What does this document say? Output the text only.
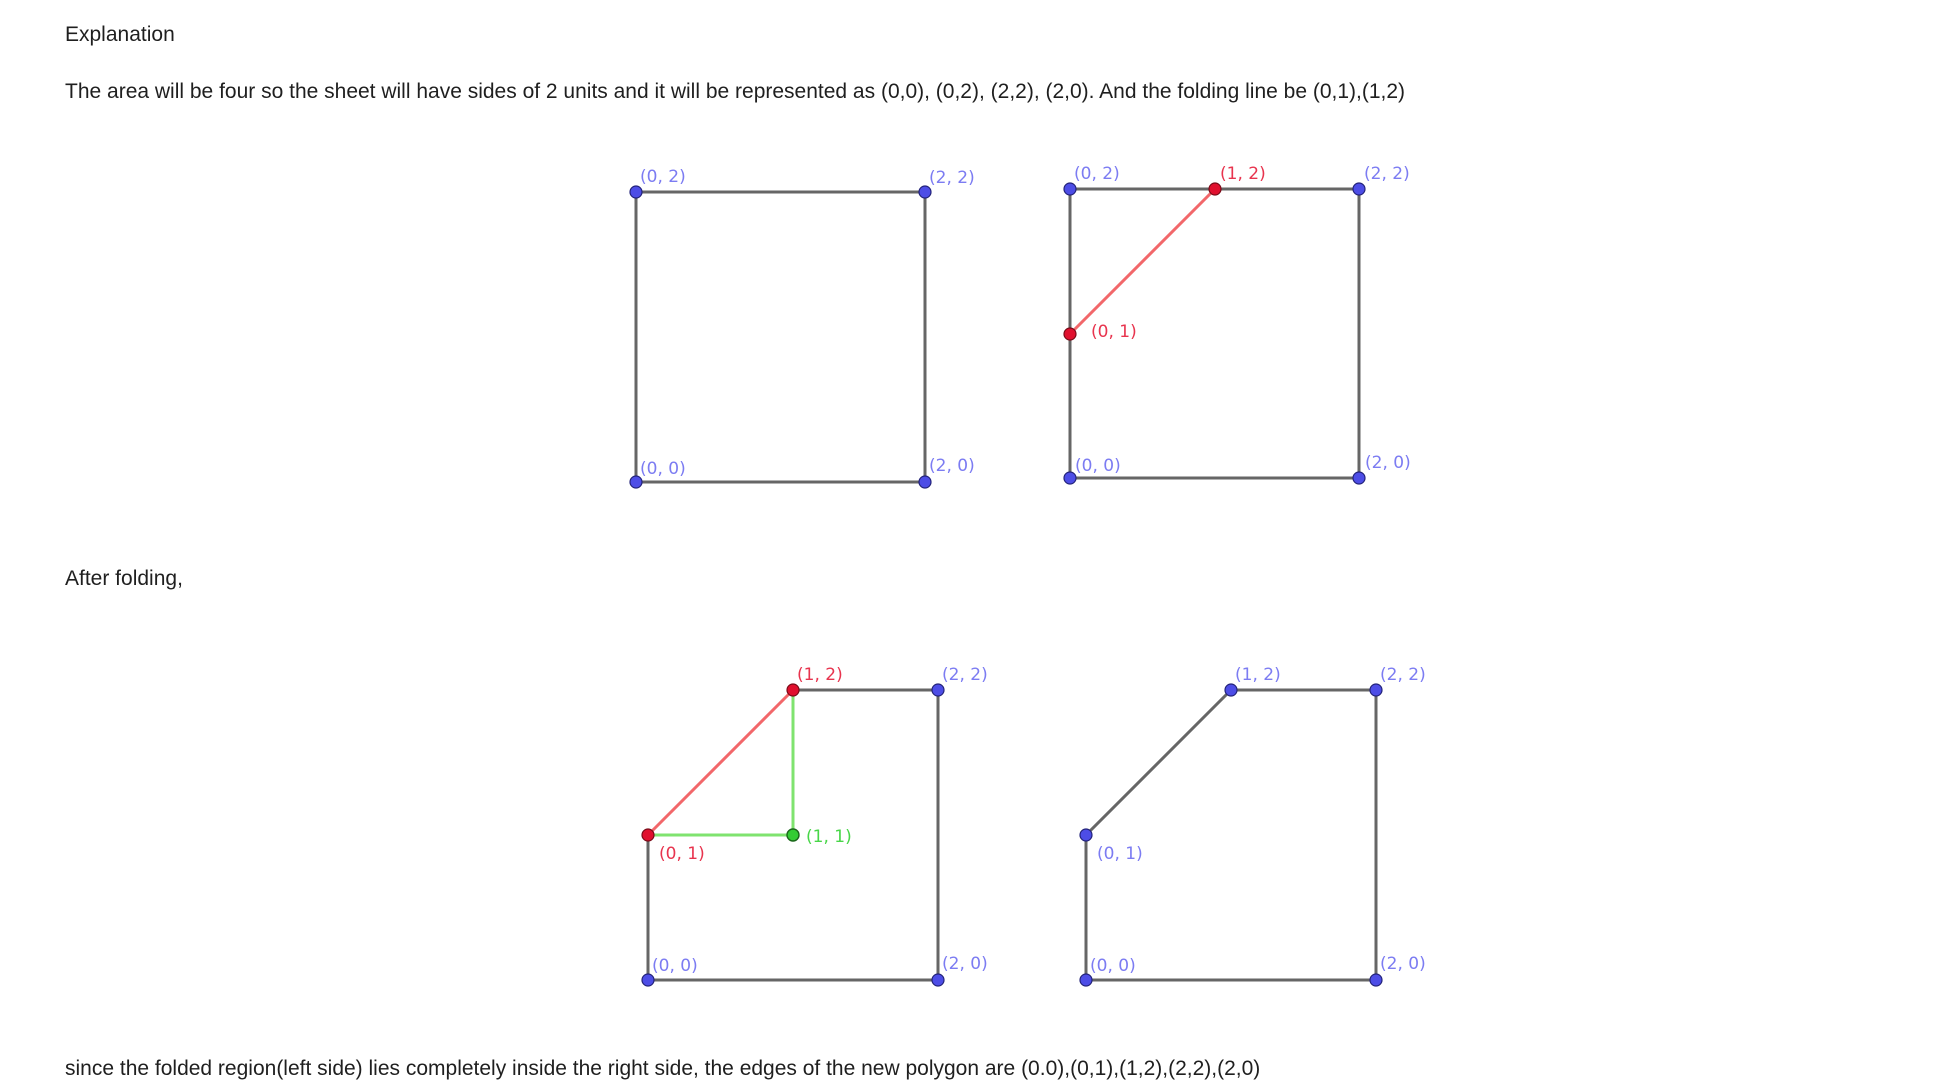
Explanation
The area will be four so the sheet will have sides of 2 units and it will be represented as (0,0), (0,2), (2,2), (2,0). And the folding line be (0,1),(1,2)
After folding,
since the folded region(left side) lies completely inside the right side, the edges of the new polygon are (0.0),(0,1),(1,2),(2,2),(2,0)
(0, 2)	(2, 2)
(0, 0)	(2, 0)
(0, 2)	(1, 2)	(2, 2)
(0, 1)
(0, 0)	(2, 0)
(1, 2)	(2, 2)
(1, 1)
(0, 1)
(0, 0)	(2, 0)
(1, 2)	(2, 2)
(0, 1)
(0, 0)	(2, 0)
